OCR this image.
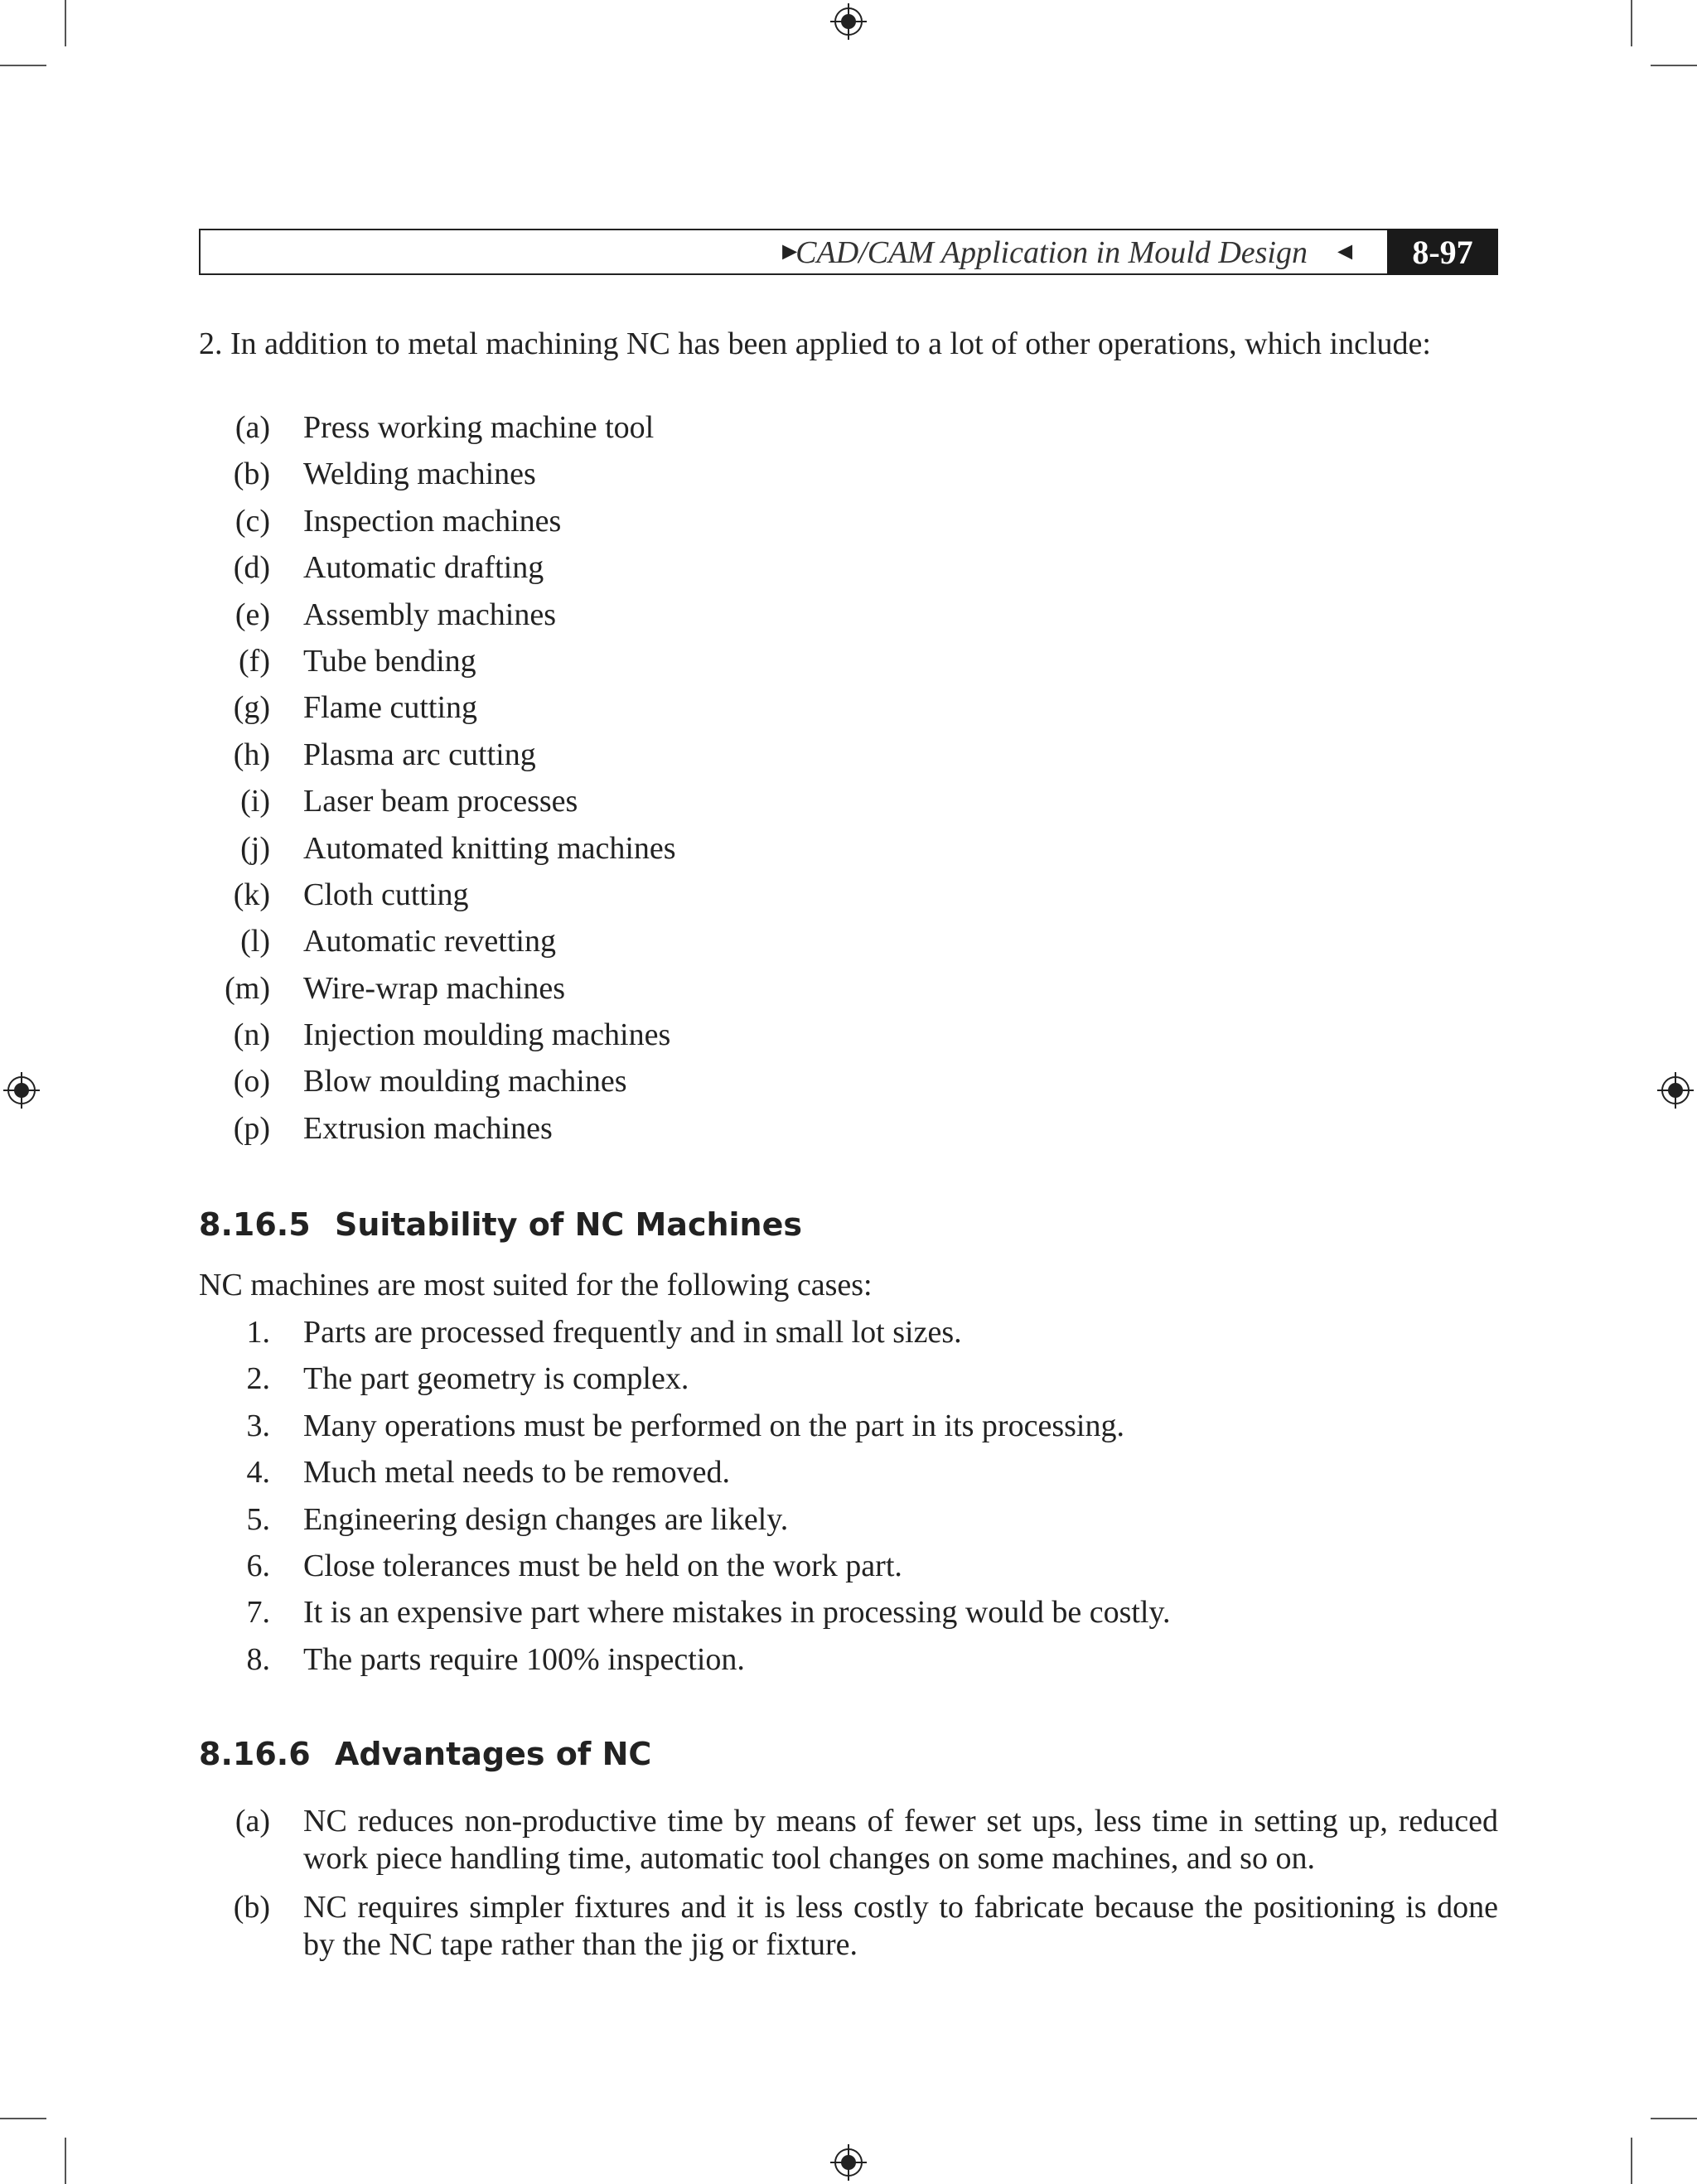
►
CAD/CAM Application in Mould Design ◄	8-97

2. In addition to metal machining NC has been applied to a lot of other operations, which include:

(a) Press working machine tool
(b) Welding machines
(c) Inspection machines
(d) Automatic drafting
(e) Assembly machines
(f) Tube bending
(g) Flame cutting
(h) Plasma arc cutting
(i) Laser beam processes
(j) Automated knitting machines
(k) Cloth cutting
(l) Automatic revetting
(m) Wire-wrap machines
(n) Injection moulding machines
(o) Blow moulding machines
(p) Extrusion machines
8.16.5 Suitability of NC Machines

NC machines are most suited for the following cases:

1. Parts are processed frequently and in small lot sizes.
2. The part geometry is complex.
3. Many operations must be performed on the part in its processing.
4. Much metal needs to be removed.
5. Engineering design changes are likely.
6. Close tolerances must be held on the work part.
7. It is an expensive part where mistakes in processing would be costly.
8. The parts require 100% inspection.
8.16.6 Advantages of NC
(a) NC reduces non-productive time by means of fewer set ups, less time in setting up, reduced work piece handling time, automatic tool changes on some machines, and so on.
(b) NC requires simpler fixtures and it is less costly to fabricate because the positioning is done by the NC tape rather than the jig or fixture.
